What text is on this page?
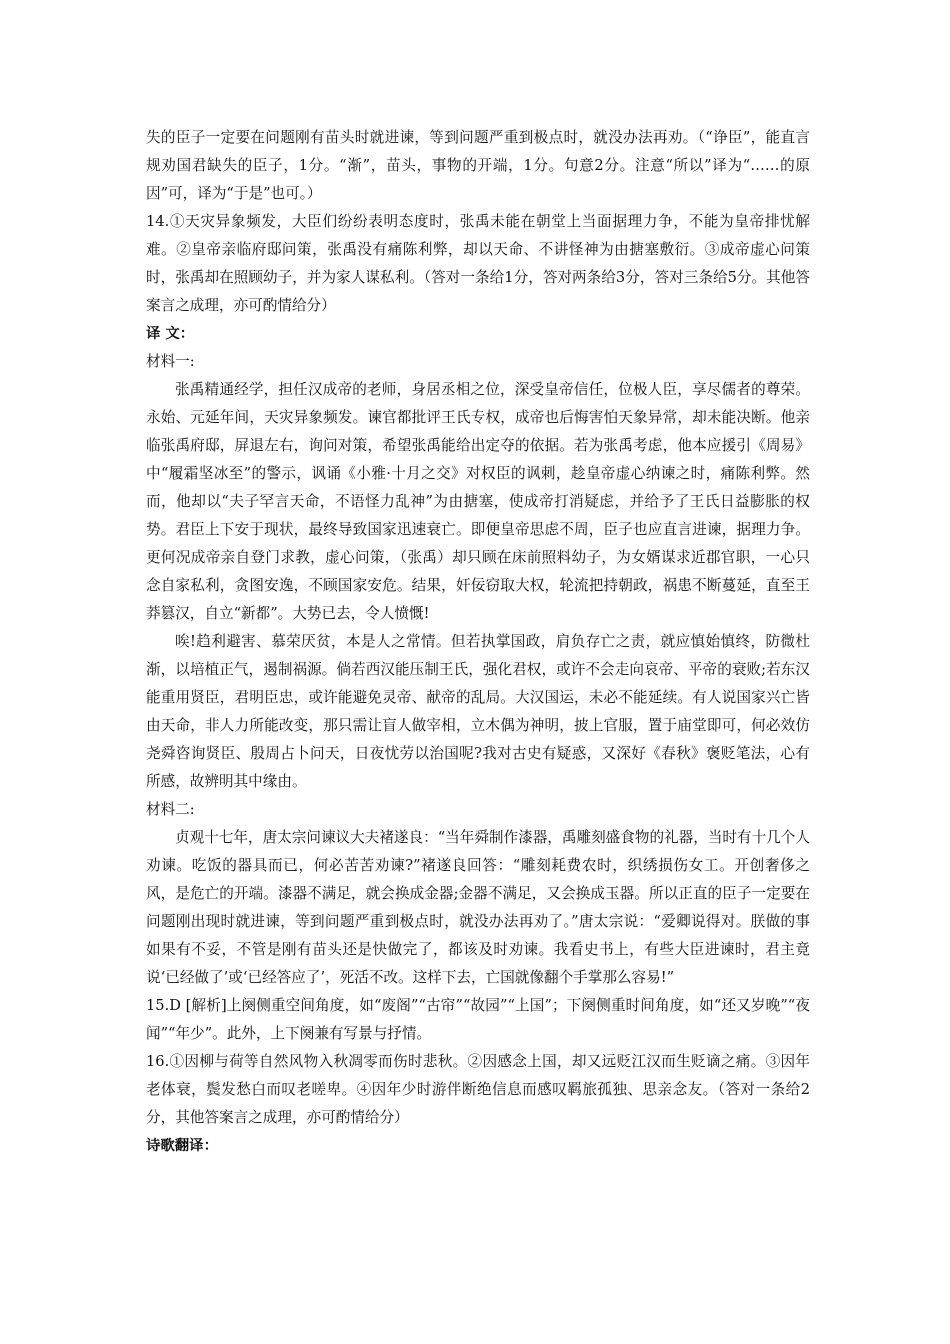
失的臣子一定要在问题刚有苗头时就进谏，等到问题严重到极点时，就没办法再劝。（“诤臣”，能直言规劝国君缺失的臣子，1分。“渐”，苗头，事物的开端，1分。句意2分。注意“所以”译为“……的原因”可，译为“于是”也可。）

14.①天灾异象频发，大臣们纷纷表明态度时，张禹未能在朝堂上当面据理力争，不能为皇帝排忧解难。②皇帝亲临府邸问策，张禹没有痛陈利弊，却以天命、不讲怪神为由搪塞敷衍。③成帝虚心问策时，张禹却在照顾幼子，并为家人谋私利。（答对一条给1分，答对两条给3分，答对三条给5分。其他答案言之成理，亦可酌情给分）

译 文：

材料一:

张禹精通经学，担任汉成帝的老师，身居丞相之位，深受皇帝信任，位极人臣，享尽儒者的尊荣。永始、元延年间，天灾异象频发。谏官都批评王氏专权，成帝也后悔害怕天象异常，却未能决断。他亲临张禹府邸，屏退左右，询问对策，希望张禹能给出定夺的依据。若为张禹考虑，他本应援引《周易》中“履霜坚冰至”的警示，讽诵《小雅·十月之交》对权臣的讽刺，趁皇帝虚心纳谏之时，痛陈利弊。然而，他却以“夫子罕言天命，不语怪力乱神”为由搪塞，使成帝打消疑虑，并给予了王氏日益膨胀的权势。君臣上下安于现状，最终导致国家迅速衰亡。即便皇帝思虑不周，臣子也应直言进谏，据理力争。更何况成帝亲自登门求教，虚心问策，（张禹）却只顾在床前照料幼子，为女婿谋求近郡官职，一心只念自家私利，贪图安逸，不顾国家安危。结果，奸佞窃取大权，轮流把持朝政，祸患不断蔓延，直至王莽篡汉，自立“新都”。大势已去，令人愤慨!

唉!趋利避害、慕荣厌贫，本是人之常情。但若执掌国政，肩负存亡之责，就应慎始慎终，防微杜渐，以培植正气，遏制祸源。倘若西汉能压制王氏，强化君权，或许不会走向哀帝、平帝的衰败;若东汉能重用贤臣，君明臣忠，或许能避免灵帝、献帝的乱局。大汉国运，未必不能延续。有人说国家兴亡皆由天命，非人力所能改变，那只需让盲人做宰相，立木偶为神明，披上官服，置于庙堂即可，何必效仿尧舜咨询贤臣、殷周占卜问天，日夜忧劳以治国呢?我对古史有疑惑，又深好《春秋》褒贬笔法，心有所感，故辨明其中缘由。

材料二:

贞观十七年，唐太宗问谏议大夫褚遂良：“当年舜制作漆器，禹雕刻盛食物的礼器，当时有十几个人劝谏。吃饭的器具而已，何必苦苦劝谏?”褚遂良回答：“雕刻耗费农时，织绣损伤女工。开创奢侈之风，是危亡的开端。漆器不满足，就会换成金器;金器不满足，又会换成玉器。所以正直的臣子一定要在问题刚出现时就进谏，等到问题严重到极点时，就没办法再劝了。”唐太宗说：“爱卿说得对。朕做的事如果有不妥，不管是刚有苗头还是快做完了，都该及时劝谏。我看史书上，有些大臣进谏时，君主竟说‘已经做了’或‘已经答应了’，死活不改。这样下去，亡国就像翻个手掌那么容易!”

15.D [解析]上阕侧重空间角度，如“废阁”“古帘”“故园”“上国”；下阕侧重时间角度，如“还又岁晚”“夜闻”“年少”。此外，上下阕兼有写景与抒情。

16.①因柳与荷等自然风物入秋凋零而伤时悲秋。②因感念上国，却又远贬江汉而生贬谪之痛。③因年老体衰，鬓发愁白而叹老嗟卑。④因年少时游伴断绝信息而感叹羁旅孤独、思亲念友。（答对一条给2分，其他答案言之成理，亦可酌情给分）

诗歌翻译：
